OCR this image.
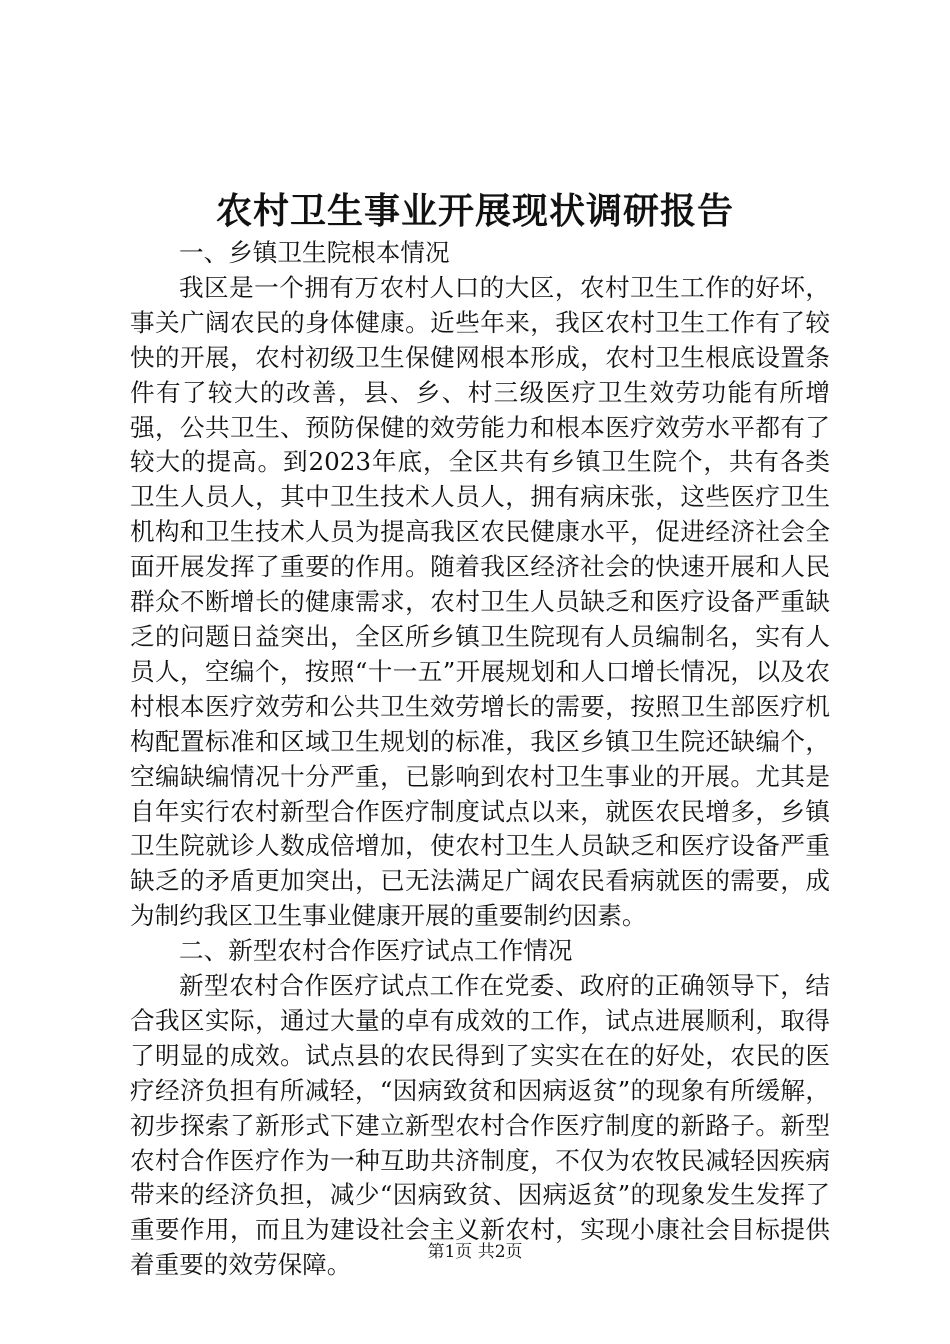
农村卫生事业开展现状调研报告

一、乡镇卫生院根本情况

我区是一个拥有万农村人口的大区，农村卫生工作的好坏，事关广阔农民的身体健康。近些年来，我区农村卫生工作有了较快的开展，农村初级卫生保健网根本形成，农村卫生根底设置条件有了较大的改善，县、乡、村三级医疗卫生效劳功能有所增强，公共卫生、预防保健的效劳能力和根本医疗效劳水平都有了较大的提高。到2023年底，全区共有乡镇卫生院个，共有各类卫生人员人，其中卫生技术人员人，拥有病床张，这些医疗卫生机构和卫生技术人员为提高我区农民健康水平，促进经济社会全面开展发挥了重要的作用。随着我区经济社会的快速开展和人民群众不断增长的健康需求，农村卫生人员缺乏和医疗设备严重缺乏的问题日益突出，全区所乡镇卫生院现有人员编制名，实有人员人，空编个，按照“十一五”开展规划和人口增长情况，以及农村根本医疗效劳和公共卫生效劳增长的需要，按照卫生部医疗机构配置标准和区域卫生规划的标准，我区乡镇卫生院还缺编个，空编缺编情况十分严重，已影响到农村卫生事业的开展。尤其是自年实行农村新型合作医疗制度试点以来，就医农民增多，乡镇卫生院就诊人数成倍增加，使农村卫生人员缺乏和医疗设备严重缺乏的矛盾更加突出，已无法满足广阔农民看病就医的需要，成为制约我区卫生事业健康开展的重要制约因素。

二、新型农村合作医疗试点工作情况

新型农村合作医疗试点工作在党委、政府的正确领导下，结合我区实际，通过大量的卓有成效的工作，试点进展顺利，取得了明显的成效。试点县的农民得到了实实在在的好处，农民的医疗经济负担有所减轻，“因病致贫和因病返贫”的现象有所缓解，初步探索了新形式下建立新型农村合作医疗制度的新路子。新型农村合作医疗作为一种互助共济制度，不仅为农牧民减轻因疾病带来的经济负担，减少“因病致贫、因病返贫”的现象发生发挥了重要作用，而且为建设社会主义新农村，实现小康社会目标提供着重要的效劳保障。	第1页 共2页
